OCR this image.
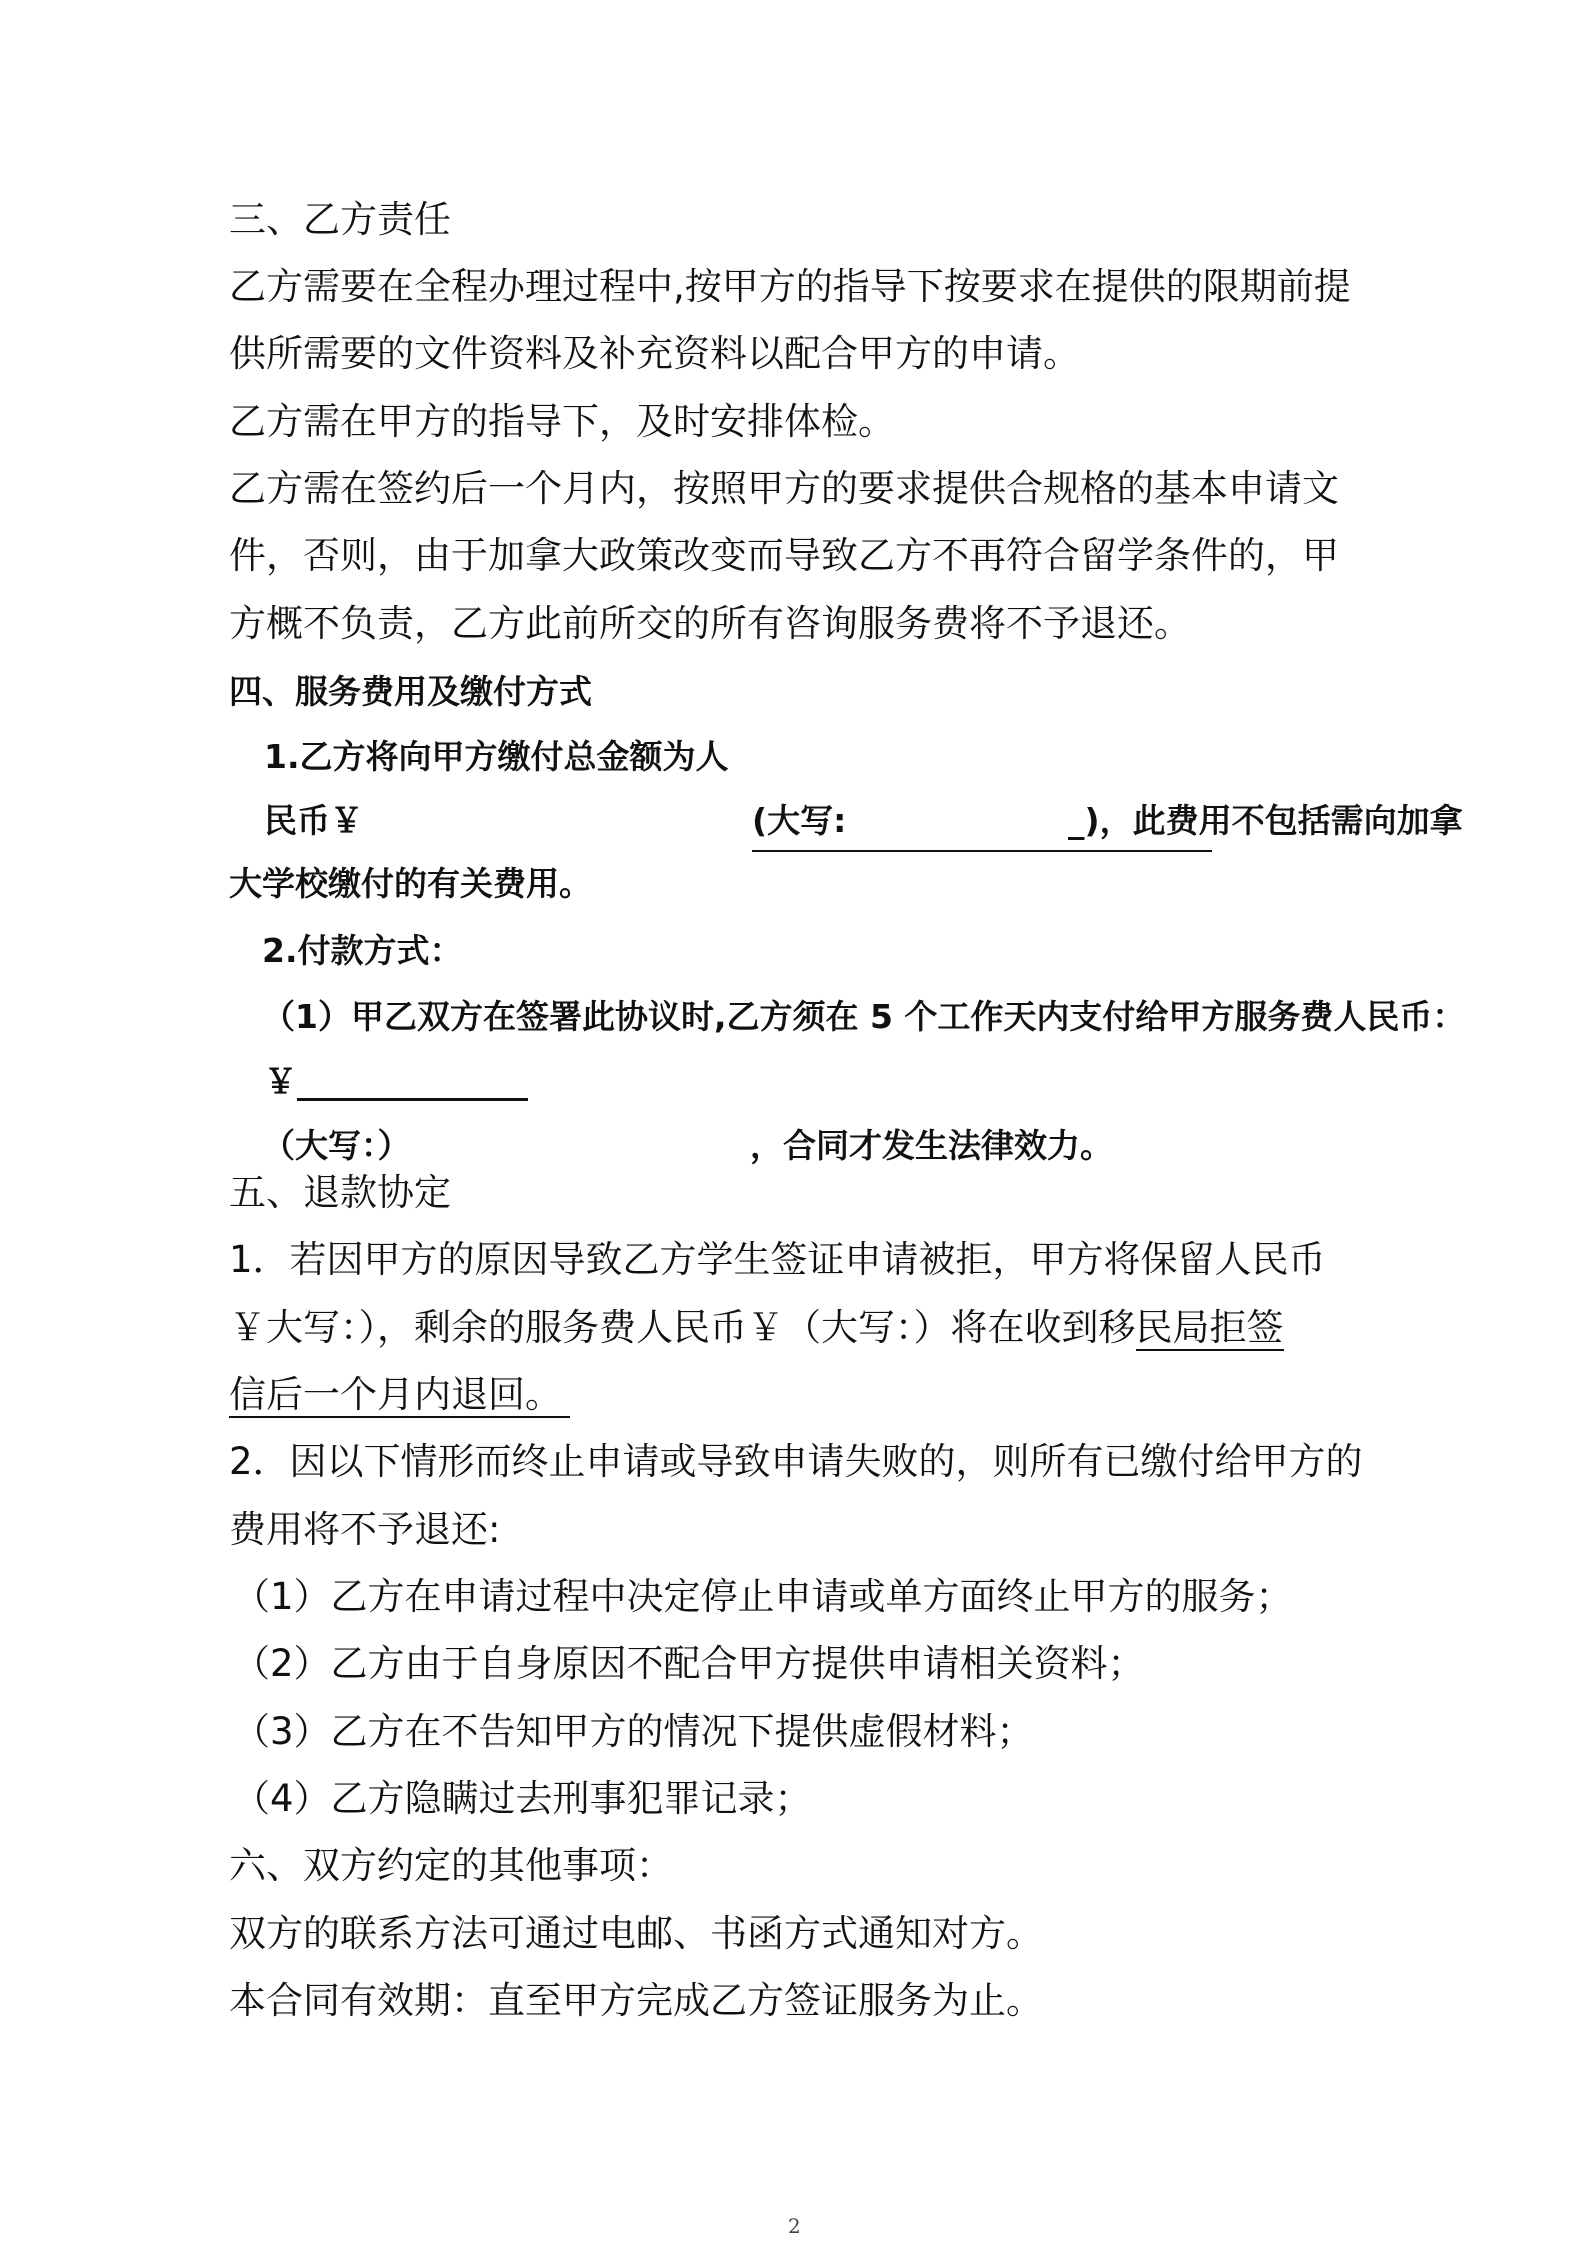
三、乙方责任
乙方需要在全程办理过程中,按甲方的指导下按要求在提供的限期前提
供所需要的文件资料及补充资料以配合甲方的申请。
乙方需在甲方的指导下，及时安排体检。
乙方需在签约后一个月内，按照甲方的要求提供合规格的基本申请文
件，否则，由于加拿大政策改变而导致乙方不再符合留学条件的，甲
方概不负责，乙方此前所交的所有咨询服务费将不予退还。
四、服务费用及缴付方式
1.乙方将向甲方缴付总金额为人
民币￥	(大写:	_)，此费用不包括需向加拿
大学校缴付的有关费用。
2.付款方式：
（1）甲乙双方在签署此协议时,乙方须在 5 个工作天内支付给甲方服务费人民币：
￥______________
（大写：）	，合同才发生法律效力。
五、退款协定
1．若因甲方的原因导致乙方学生签证申请被拒，甲方将保留人民币
￥大写：），剩余的服务费人民币￥（大写：）将在收到移民局拒签
信后一个月内退回。
2．因以下情形而终止申请或导致申请失败的，则所有已缴付给甲方的
费用将不予退还:
（1）乙方在申请过程中决定停止申请或单方面终止甲方的服务；
（2）乙方由于自身原因不配合甲方提供申请相关资料；
（3）乙方在不告知甲方的情况下提供虚假材料；
（4）乙方隐瞒过去刑事犯罪记录；
六、双方约定的其他事项：
双方的联系方法可通过电邮、书函方式通知对方。
本合同有效期：直至甲方完成乙方签证服务为止。
2
